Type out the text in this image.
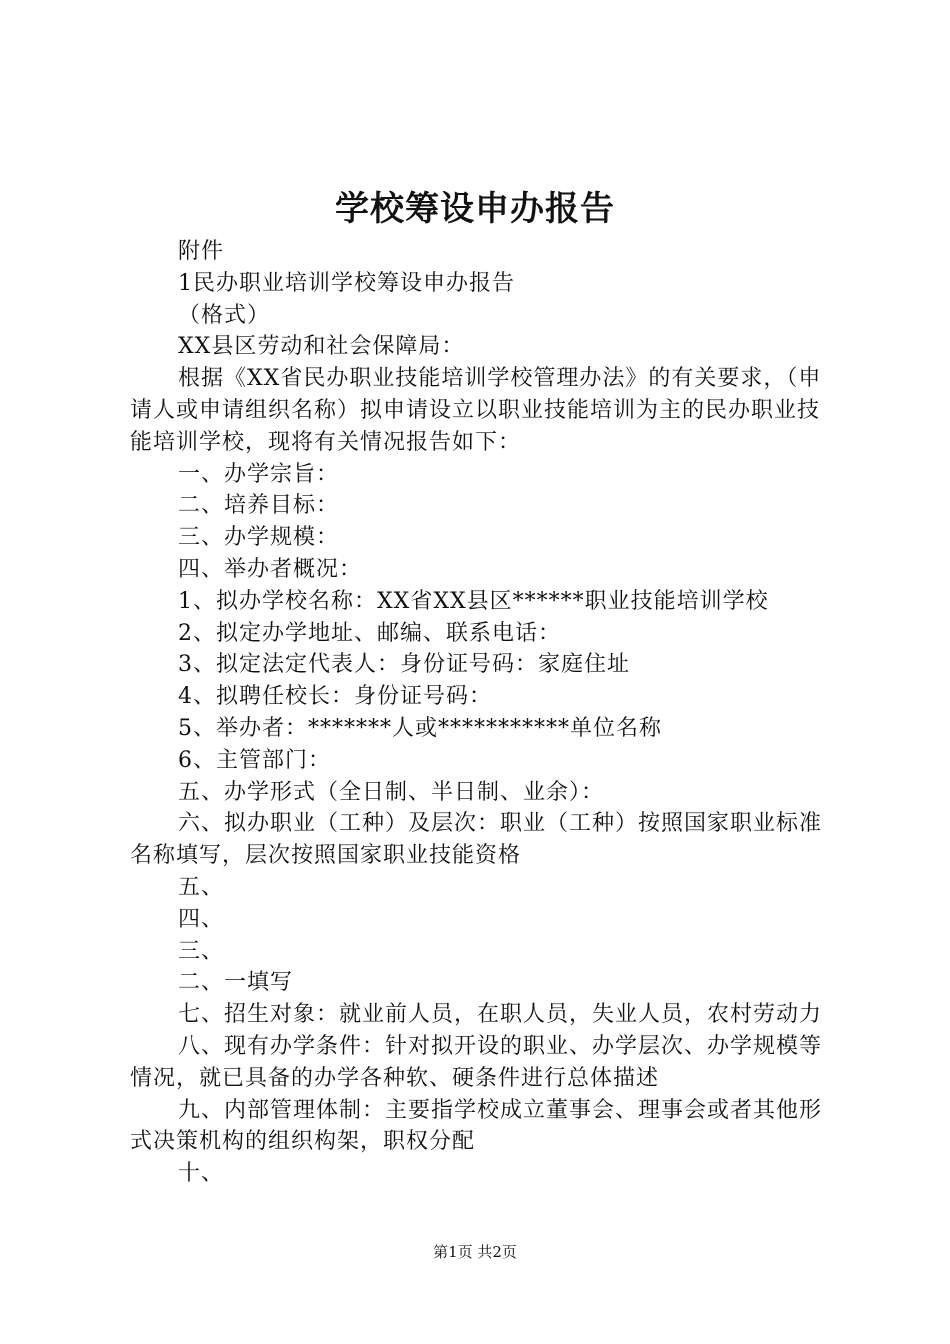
学校筹设申办报告

附件

1民办职业培训学校筹设申办报告

（格式）

XX县区劳动和社会保障局：

根据《XX省民办职业技能培训学校管理办法》的有关要求，（申请人或申请组织名称）拟申请设立以职业技能培训为主的民办职业技能培训学校，现将有关情况报告如下：

一、办学宗旨：

二、培养目标：

三、办学规模：

四、举办者概况：

1、拟办学校名称：XX省XX县区******职业技能培训学校

2、拟定办学地址、邮编、联系电话：

3、拟定法定代表人：身份证号码：家庭住址

4、拟聘任校长：身份证号码：

5、举办者：*******人或***********单位名称

6、主管部门：

五、办学形式（全日制、半日制、业余）：

六、拟办职业（工种）及层次：职业（工种）按照国家职业标准名称填写，层次按照国家职业技能资格

五、

四、

三、

二、一填写

七、招生对象：就业前人员，在职人员，失业人员，农村劳动力

八、现有办学条件：针对拟开设的职业、办学层次、办学规模等情况，就已具备的办学各种软、硬条件进行总体描述

九、内部管理体制：主要指学校成立董事会、理事会或者其他形式决策机构的组织构架，职权分配

十、

第1页 共2页
